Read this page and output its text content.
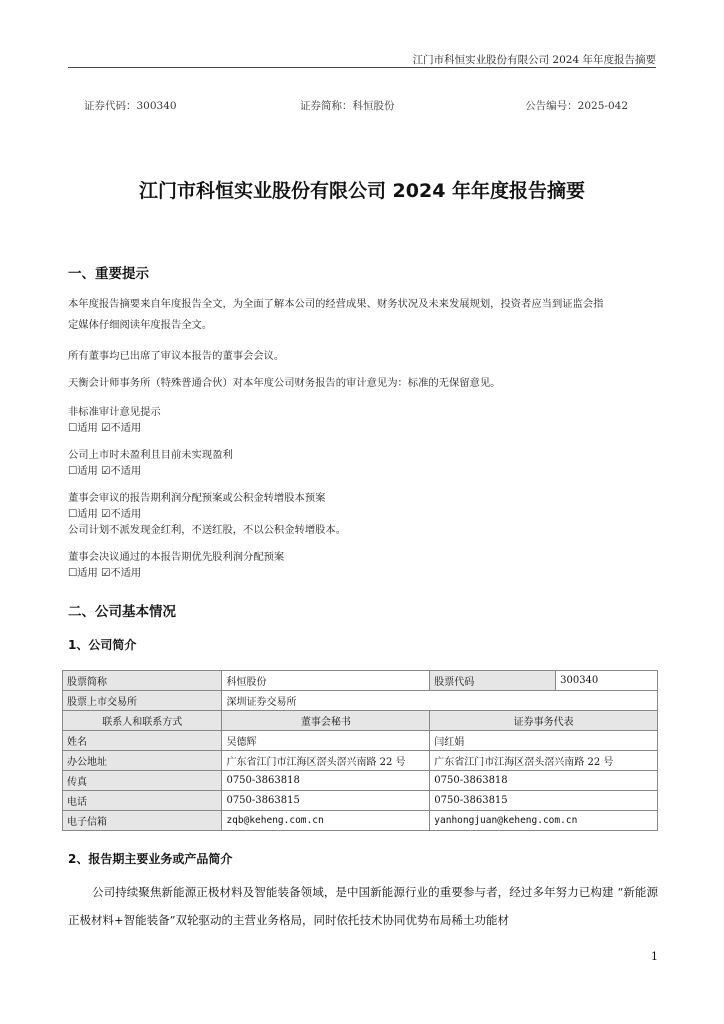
江门市科恒实业股份有限公司 2024 年年度报告摘要
证券代码：300340	证券简称：科恒股份	公告编号：2025-042
江门市科恒实业股份有限公司 2024 年年度报告摘要
一、重要提示
本年度报告摘要来自年度报告全文，为全面了解本公司的经营成果、财务状况及未来发展规划，投资者应当到证监会指
定媒体仔细阅读年度报告全文。
所有董事均已出席了审议本报告的董事会会议。
天衡会计师事务所（特殊普通合伙）对本年度公司财务报告的审计意见为：标准的无保留意见。
非标准审计意见提示
☐适用 ☑不适用
公司上市时未盈利且目前未实现盈利
☐适用 ☑不适用
董事会审议的报告期利润分配预案或公积金转增股本预案
☐适用 ☑不适用
公司计划不派发现金红利，不送红股，不以公积金转增股本。
董事会决议通过的本报告期优先股利润分配预案
☐适用 ☑不适用
二、公司基本情况
1、公司简介
股票简称	科恒股份	股票代码	300340
股票上市交易所	深圳证券交易所		
联系人和联系方式	董事会秘书	证券事务代表	
姓名	吴德辉	闫红娟	
办公地址	广东省江门市江海区滘头滘兴南路 22 号	广东省江门市江海区滘头滘兴南路 22 号	
传真	0750-3863818	0750-3863818	
电话	0750-3863815	0750-3863815	
电子信箱	zqb@keheng.com.cn	yanhongjuan@keheng.com.cn	
2、报告期主要业务或产品简介
公司持续聚焦新能源正极材料及智能装备领域，是中国新能源行业的重要参与者，经过多年努力已构建 “新能源正极材料+智能装备”双轮驱动的主营业务格局，同时依托技术协同优势布局稀土功能材
1
